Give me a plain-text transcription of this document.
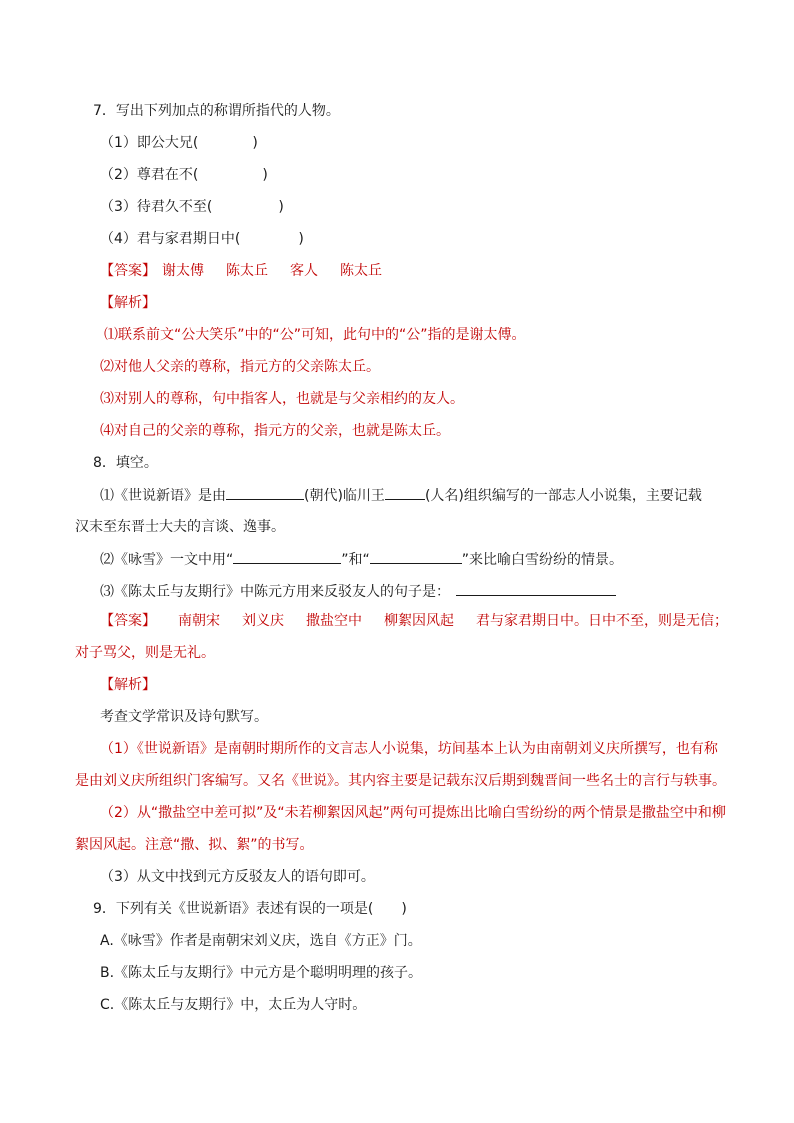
7．写出下列加点的称谓所指代的人物。
（1）即公大兄(	)
（2）尊君在不(	)
（3）待君久不至(	)
（4）君与家君期日中(	)
【答案】 谢太傅 陈太丘 客人 陈太丘
【解析】
⑴联系前文“公大笑乐”中的“公”可知，此句中的“公”指的是谢太傅。
⑵对他人父亲的尊称，指元方的父亲陈太丘。
⑶对别人的尊称，句中指客人，也就是与父亲相约的友人。
⑷对自己的父亲的尊称，指元方的父亲，也就是陈太丘。
8．填空。
⑴《世说新语》是由	(朝代)临川王	(人名)组织编写的一部志人小说集，主要记载
汉末至东晋士大夫的言谈、逸事。
⑵《咏雪》一文中用“	”和“	”来比喻白雪纷纷的情景。
⑶《陈太丘与友期行》中陈元方用来反驳友人的句子是：
【答案】 南朝宋 刘义庆 撒盐空中 柳絮因风起 君与家君期日中。日中不至，则是无信；
对子骂父，则是无礼。
【解析】
考查文学常识及诗句默写。
（1）《世说新语》是南朝时期所作的文言志人小说集，坊间基本上认为由南朝刘义庆所撰写，也有称
是由刘义庆所组织门客编写。又名《世说》。其内容主要是记载东汉后期到魏晋间一些名士的言行与轶事。
（2）从“撒盐空中差可拟”及“未若柳絮因风起”两句可提炼出比喻白雪纷纷的两个情景是撒盐空中和柳
絮因风起。注意“撒、拟、絮”的书写。
（3）从文中找到元方反驳友人的语句即可。
9．下列有关《世说新语》表述有误的一项是(　　)
A.《咏雪》作者是南朝宋刘义庆，选自《方正》门。
B.《陈太丘与友期行》中元方是个聪明明理的孩子。
C.《陈太丘与友期行》中，太丘为人守时。
